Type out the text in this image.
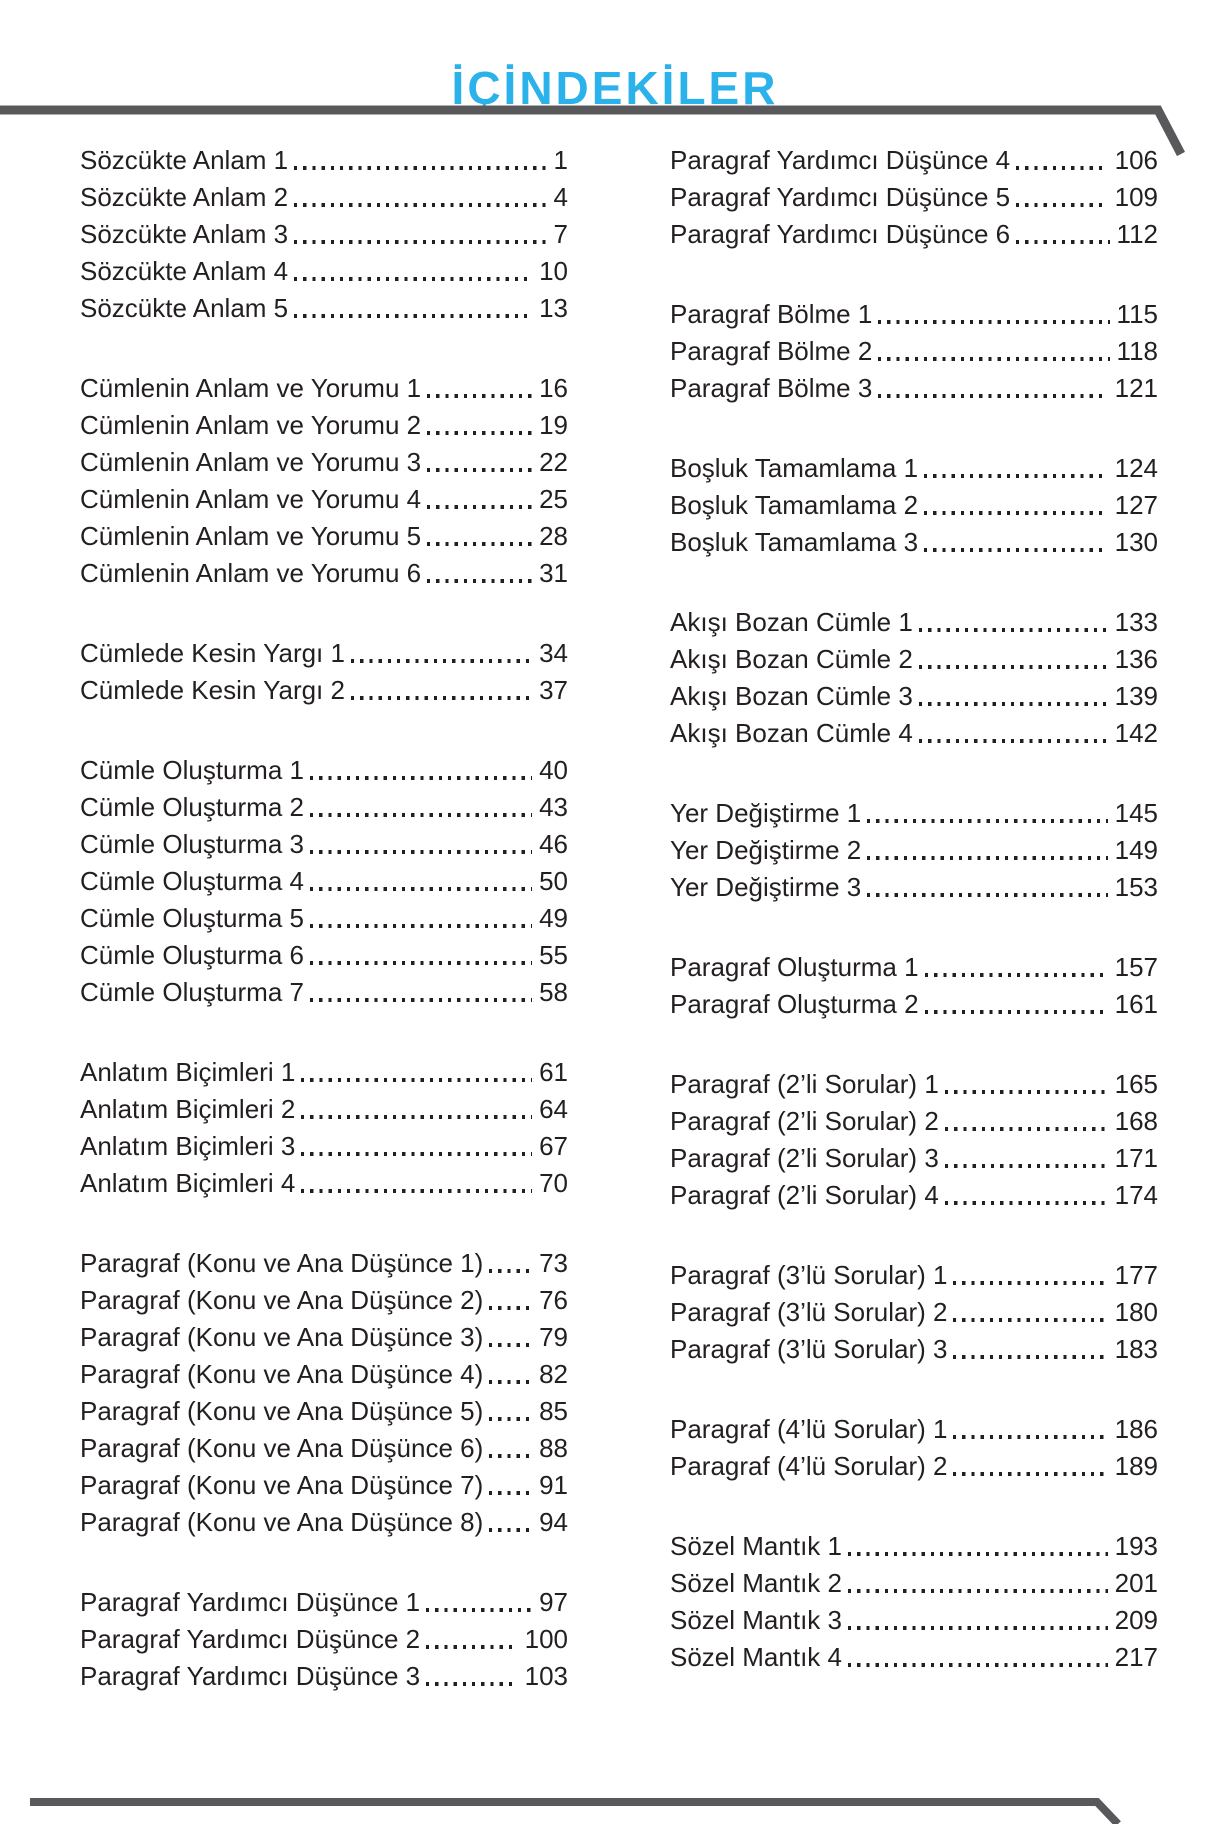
İÇİNDEKİLER
Sözcükte Anlam 1	1
Sözcükte Anlam 2	4
Sözcükte Anlam 3	7
Sözcükte Anlam 4	10
Sözcükte Anlam 5	13
Cümlenin Anlam ve Yorumu 1	16
Cümlenin Anlam ve Yorumu 2	19
Cümlenin Anlam ve Yorumu 3	22
Cümlenin Anlam ve Yorumu 4	25
Cümlenin Anlam ve Yorumu 5	28
Cümlenin Anlam ve Yorumu 6	31
Cümlede Kesin Yargı 1	34
Cümlede Kesin Yargı 2	37
Cümle Oluşturma 1	40
Cümle Oluşturma 2	43
Cümle Oluşturma 3	46
Cümle Oluşturma 4	50
Cümle Oluşturma 5	49
Cümle Oluşturma 6	55
Cümle Oluşturma 7	58
Anlatım Biçimleri 1	61
Anlatım Biçimleri 2	64
Anlatım Biçimleri 3	67
Anlatım Biçimleri 4	70
Paragraf (Konu ve Ana Düşünce 1) 73
Paragraf (Konu ve Ana Düşünce 2) 76
Paragraf (Konu ve Ana Düşünce 3) 79
Paragraf (Konu ve Ana Düşünce 4) 82
Paragraf (Konu ve Ana Düşünce 5) 85
Paragraf (Konu ve Ana Düşünce 6) 88
Paragraf (Konu ve Ana Düşünce 7) 91
Paragraf (Konu ve Ana Düşünce 8) 94
Paragraf Yardımcı Düşünce 1	97
Paragraf Yardımcı Düşünce 2	100
Paragraf Yardımcı Düşünce 3	103
Paragraf Yardımcı Düşünce 4	106
Paragraf Yardımcı Düşünce 5	109
Paragraf Yardımcı Düşünce 6	112
Paragraf Bölme 1	115
Paragraf Bölme 2	118
Paragraf Bölme 3	121
Boşluk Tamamlama 1	124
Boşluk Tamamlama 2	127
Boşluk Tamamlama 3	130
Akışı Bozan Cümle 1	133
Akışı Bozan Cümle 2	136
Akışı Bozan Cümle 3	139
Akışı Bozan Cümle 4	142
Yer Değiştirme 1	145
Yer Değiştirme 2	149
Yer Değiştirme 3	153
Paragraf Oluşturma 1	157
Paragraf Oluşturma 2	161
Paragraf (2’li Sorular) 1	165
Paragraf (2’li Sorular) 2	168
Paragraf (2’li Sorular) 3	171
Paragraf (2’li Sorular) 4	174
Paragraf (3’lü Sorular) 1	177
Paragraf (3’lü Sorular) 2	180
Paragraf (3’lü Sorular) 3	183
Paragraf (4’lü Sorular) 1	186
Paragraf (4’lü Sorular) 2	189
Sözel Mantık 1	193
Sözel Mantık 2	201
Sözel Mantık 3	209
Sözel Mantık 4	217
